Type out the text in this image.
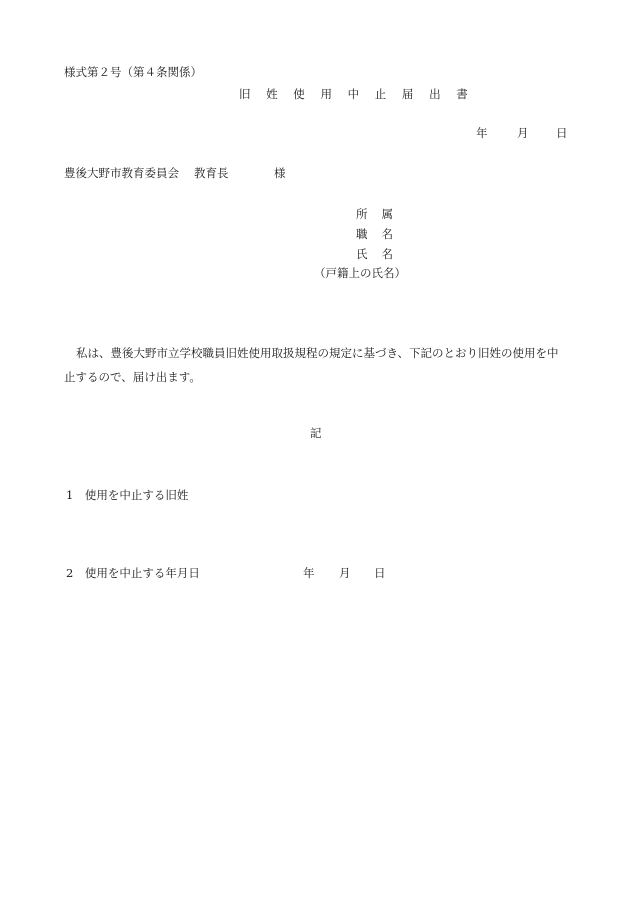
様式第２号（第４条関係）
旧 姓 使 用 中 止 届 出 書
年	月 日
豊後大野市教育委員会 教育長	様
所属
職名
氏名
（戸籍上の氏名）
私は、豊後大野市立学校職員旧姓使用取扱規程の規定に基づき、下記のとおり旧姓の使用を中止するので、届け出ます。
記
1　使用を中止する旧姓
2　使用を中止する年月日	年 月 日
